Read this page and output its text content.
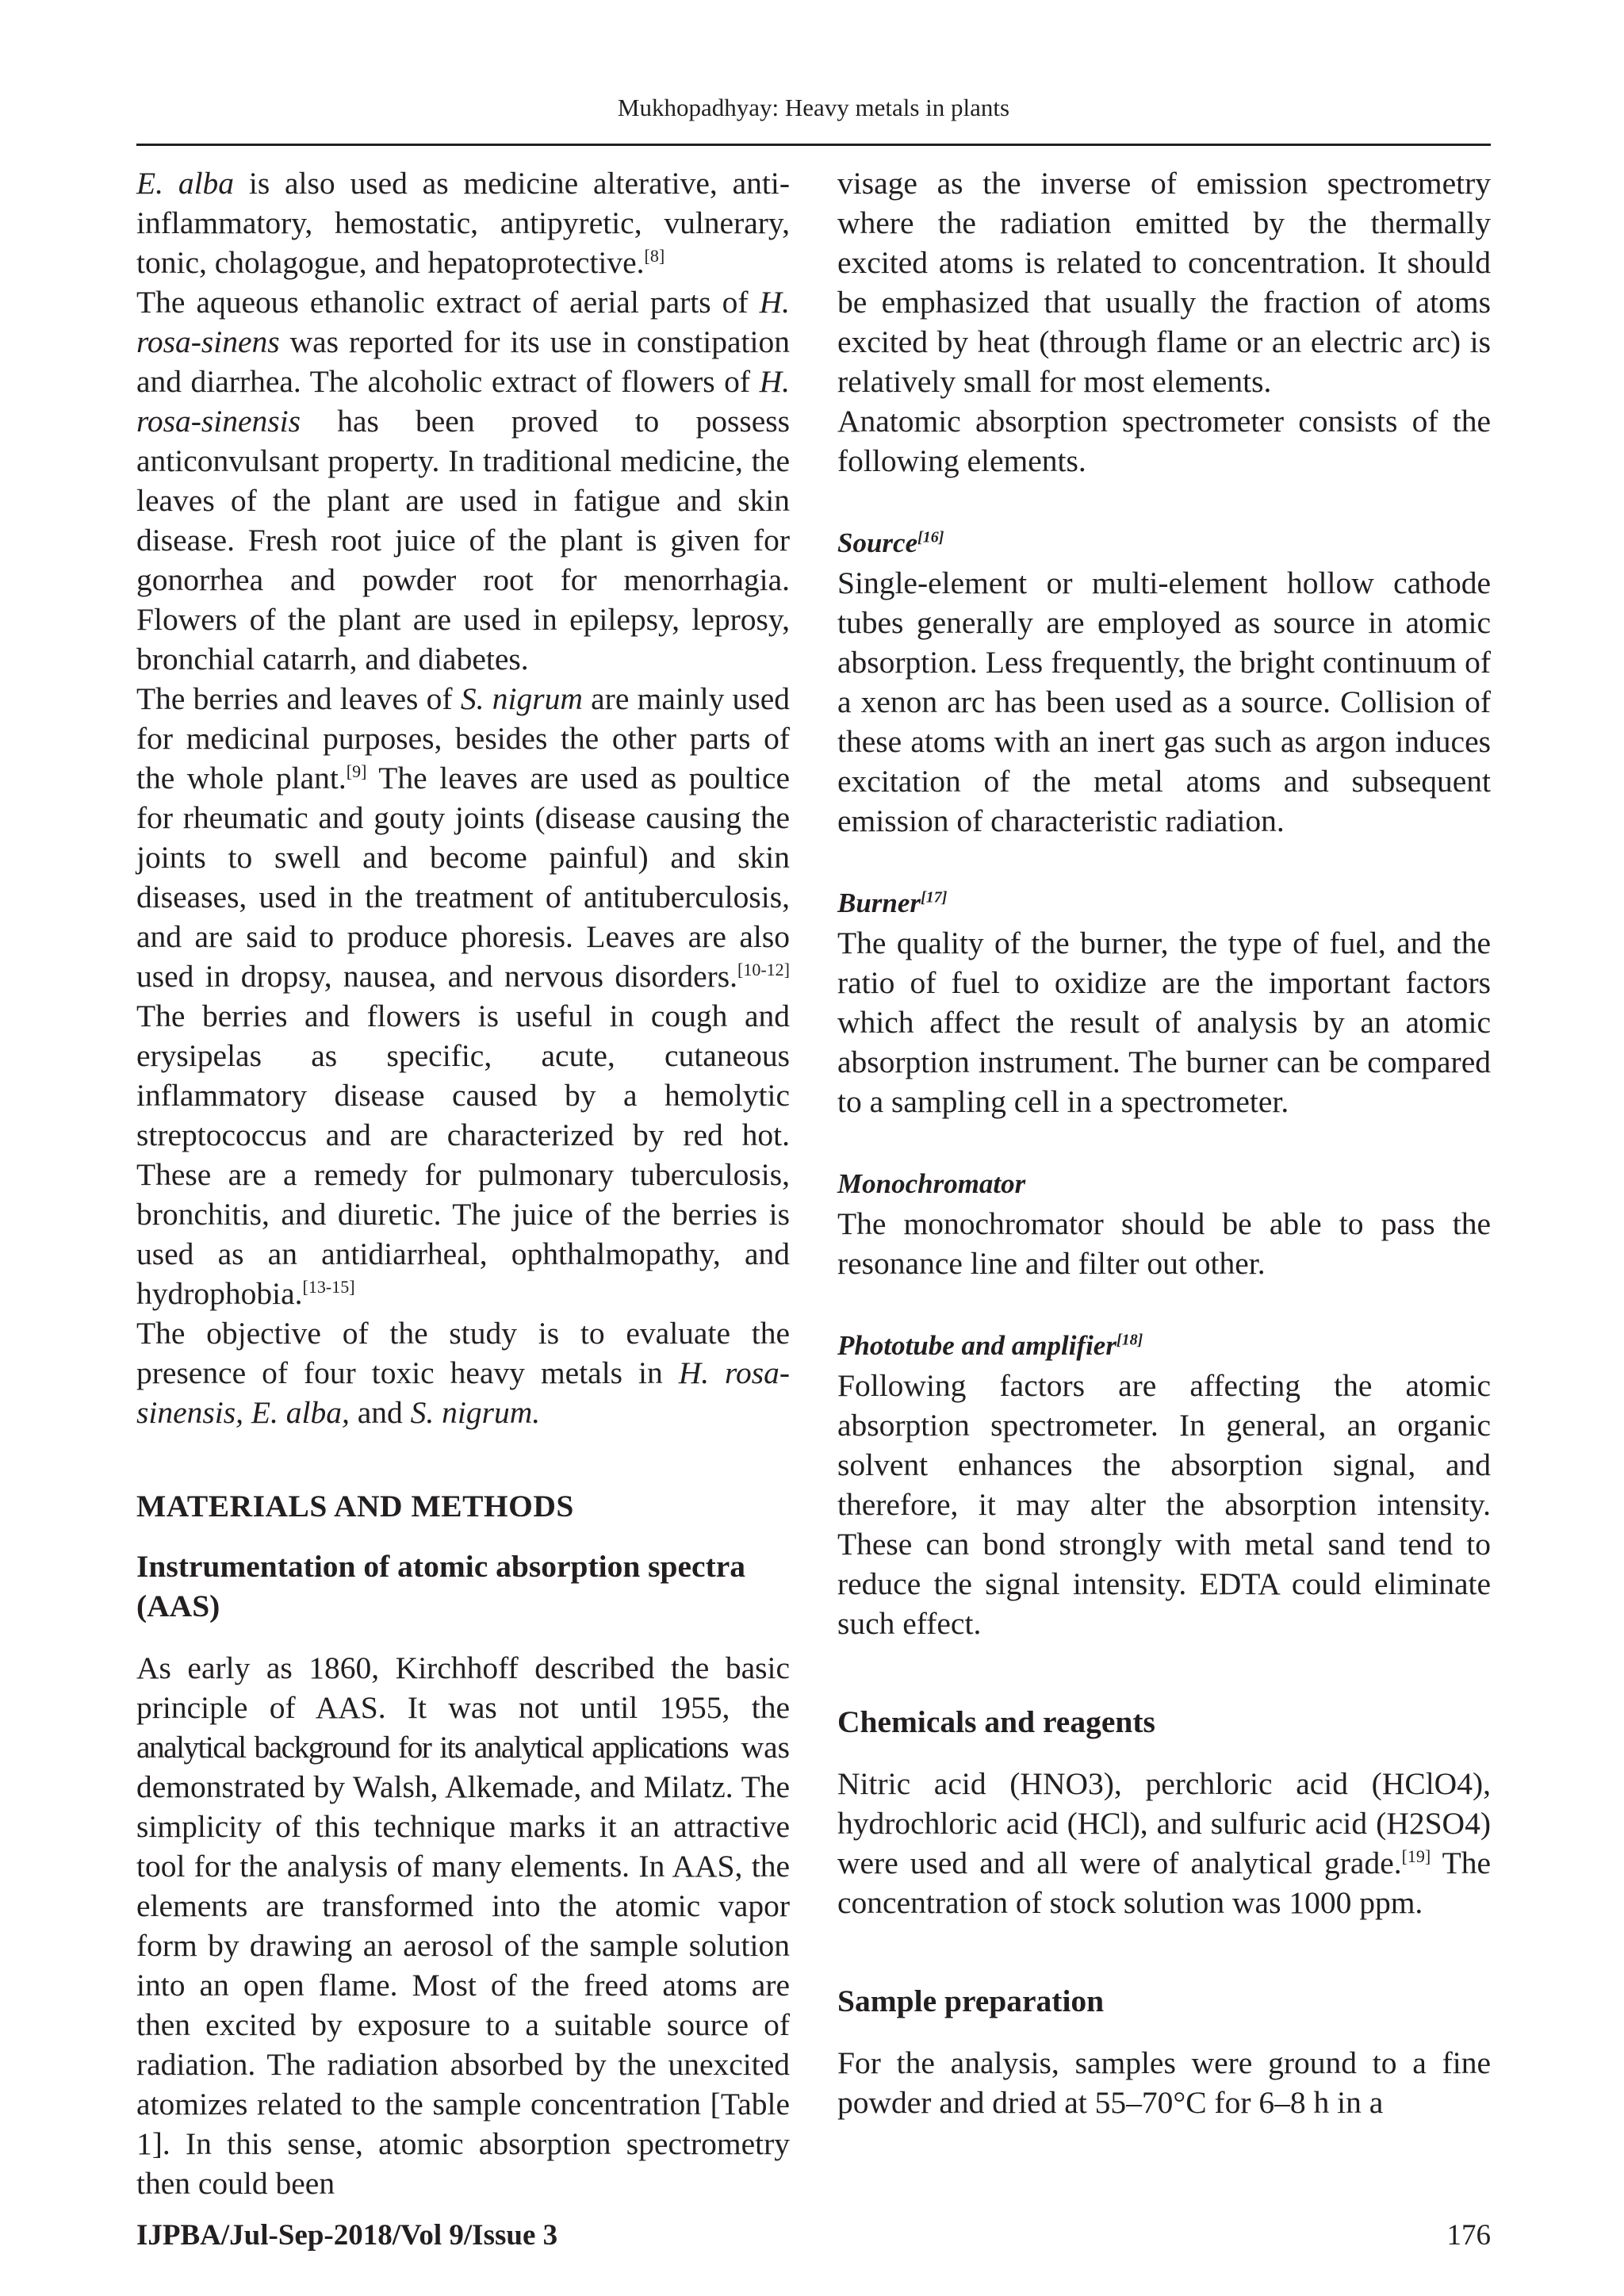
Mukhopadhyay: Heavy metals in plants

E. alba is also used as medicine alterative, anti-inflammatory, hemostatic, antipyretic, vulnerary, tonic, cholagogue, and hepatoprotective.[8]

The aqueous ethanolic extract of aerial parts of H. rosa-sinens was reported for its use in constipation and diarrhea. The alcoholic extract of flowers of H. rosa-sinensis has been proved to possess anticonvulsant property. In traditional medicine, the leaves of the plant are used in fatigue and skin disease. Fresh root juice of the plant is given for gonorrhea and powder root for menorrhagia. Flowers of the plant are used in epilepsy, leprosy, bronchial catarrh, and diabetes.

The berries and leaves of S. nigrum are mainly used for medicinal purposes, besides the other parts of the whole plant.[9] The leaves are used as poultice for rheumatic and gouty joints (disease causing the joints to swell and become painful) and skin diseases, used in the treatment of antituberculosis, and are said to produce phoresis. Leaves are also used in dropsy, nausea, and nervous disorders.[10-12] The berries and flowers is useful in cough and erysipelas as specific, acute, cutaneous inflammatory disease caused by a hemolytic streptococcus and are characterized by red hot. These are a remedy for pulmonary tuberculosis, bronchitis, and diuretic. The juice of the berries is used as an antidiarrheal, ophthalmopathy, and hydrophobia.[13-15]

The objective of the study is to evaluate the presence of four toxic heavy metals in H. rosa-sinensis, E. alba, and S. nigrum.

MATERIALS AND METHODS
Instrumentation of atomic absorption spectra (AAS)

As early as 1860, Kirchhoff described the basic principle of AAS. It was not until 1955, the analytical background for its analytical applications was demonstrated by Walsh, Alkemade, and Milatz. The simplicity of this technique marks it an attractive tool for the analysis of many elements. In AAS, the elements are transformed into the atomic vapor form by drawing an aerosol of the sample solution into an open flame. Most of the freed atoms are then excited by exposure to a suitable source of radiation. The radiation absorbed by the unexcited atomizes related to the sample concentration [Table 1]. In this sense, atomic absorption spectrometry then could been

visage as the inverse of emission spectrometry where the radiation emitted by the thermally excited atoms is related to concentration. It should be emphasized that usually the fraction of atoms excited by heat (through flame or an electric arc) is relatively small for most elements.

Anatomic absorption spectrometer consists of the following elements.

Source[16]

Single-element or multi-element hollow cathode tubes generally are employed as source in atomic absorption. Less frequently, the bright continuum of a xenon arc has been used as a source. Collision of these atoms with an inert gas such as argon induces excitation of the metal atoms and subsequent emission of characteristic radiation.

Burner[17]

The quality of the burner, the type of fuel, and the ratio of fuel to oxidize are the important factors which affect the result of analysis by an atomic absorption instrument. The burner can be compared to a sampling cell in a spectrometer.

Monochromator

The monochromator should be able to pass the resonance line and filter out other.

Phototube and amplifier[18]

Following factors are affecting the atomic absorption spectrometer. In general, an organic solvent enhances the absorption signal, and therefore, it may alter the absorption intensity. These can bond strongly with metal sand tend to reduce the signal intensity. EDTA could eliminate such effect.

Chemicals and reagents

Nitric acid (HNO3), perchloric acid (HClO4), hydrochloric acid (HCl), and sulfuric acid (H2SO4) were used and all were of analytical grade.[19] The concentration of stock solution was 1000 ppm.

Sample preparation

For the analysis, samples were ground to a fine powder and dried at 55–70°C for 6–8 h in a

IJPBA/Jul-Sep-2018/Vol 9/Issue 3	176
